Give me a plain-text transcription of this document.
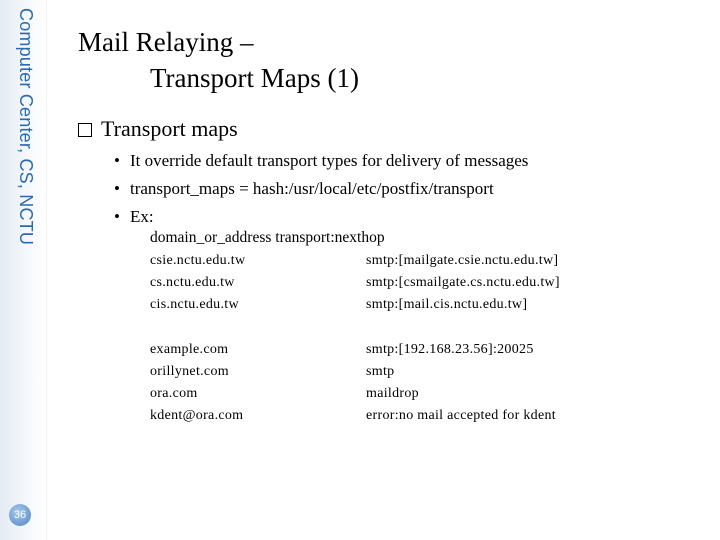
Computer Center, CS, NCTU
36
Mail Relaying –
Transport Maps (1)
Transport maps
• It override default transport types for delivery of messages
• transport_maps = hash:/usr/local/etc/postfix/transport
• Ex:
domain_or_address transport:nexthop
csie.nctu.edu.tw	smtp:[mailgate.csie.nctu.edu.tw]
cs.nctu.edu.tw	smtp:[csmailgate.cs.nctu.edu.tw]
cis.nctu.edu.tw	smtp:[mail.cis.nctu.edu.tw]
example.com	smtp:[192.168.23.56]:20025
orillynet.com	smtp
ora.com	maildrop
kdent@ora.com	error:no mail accepted for kdent
